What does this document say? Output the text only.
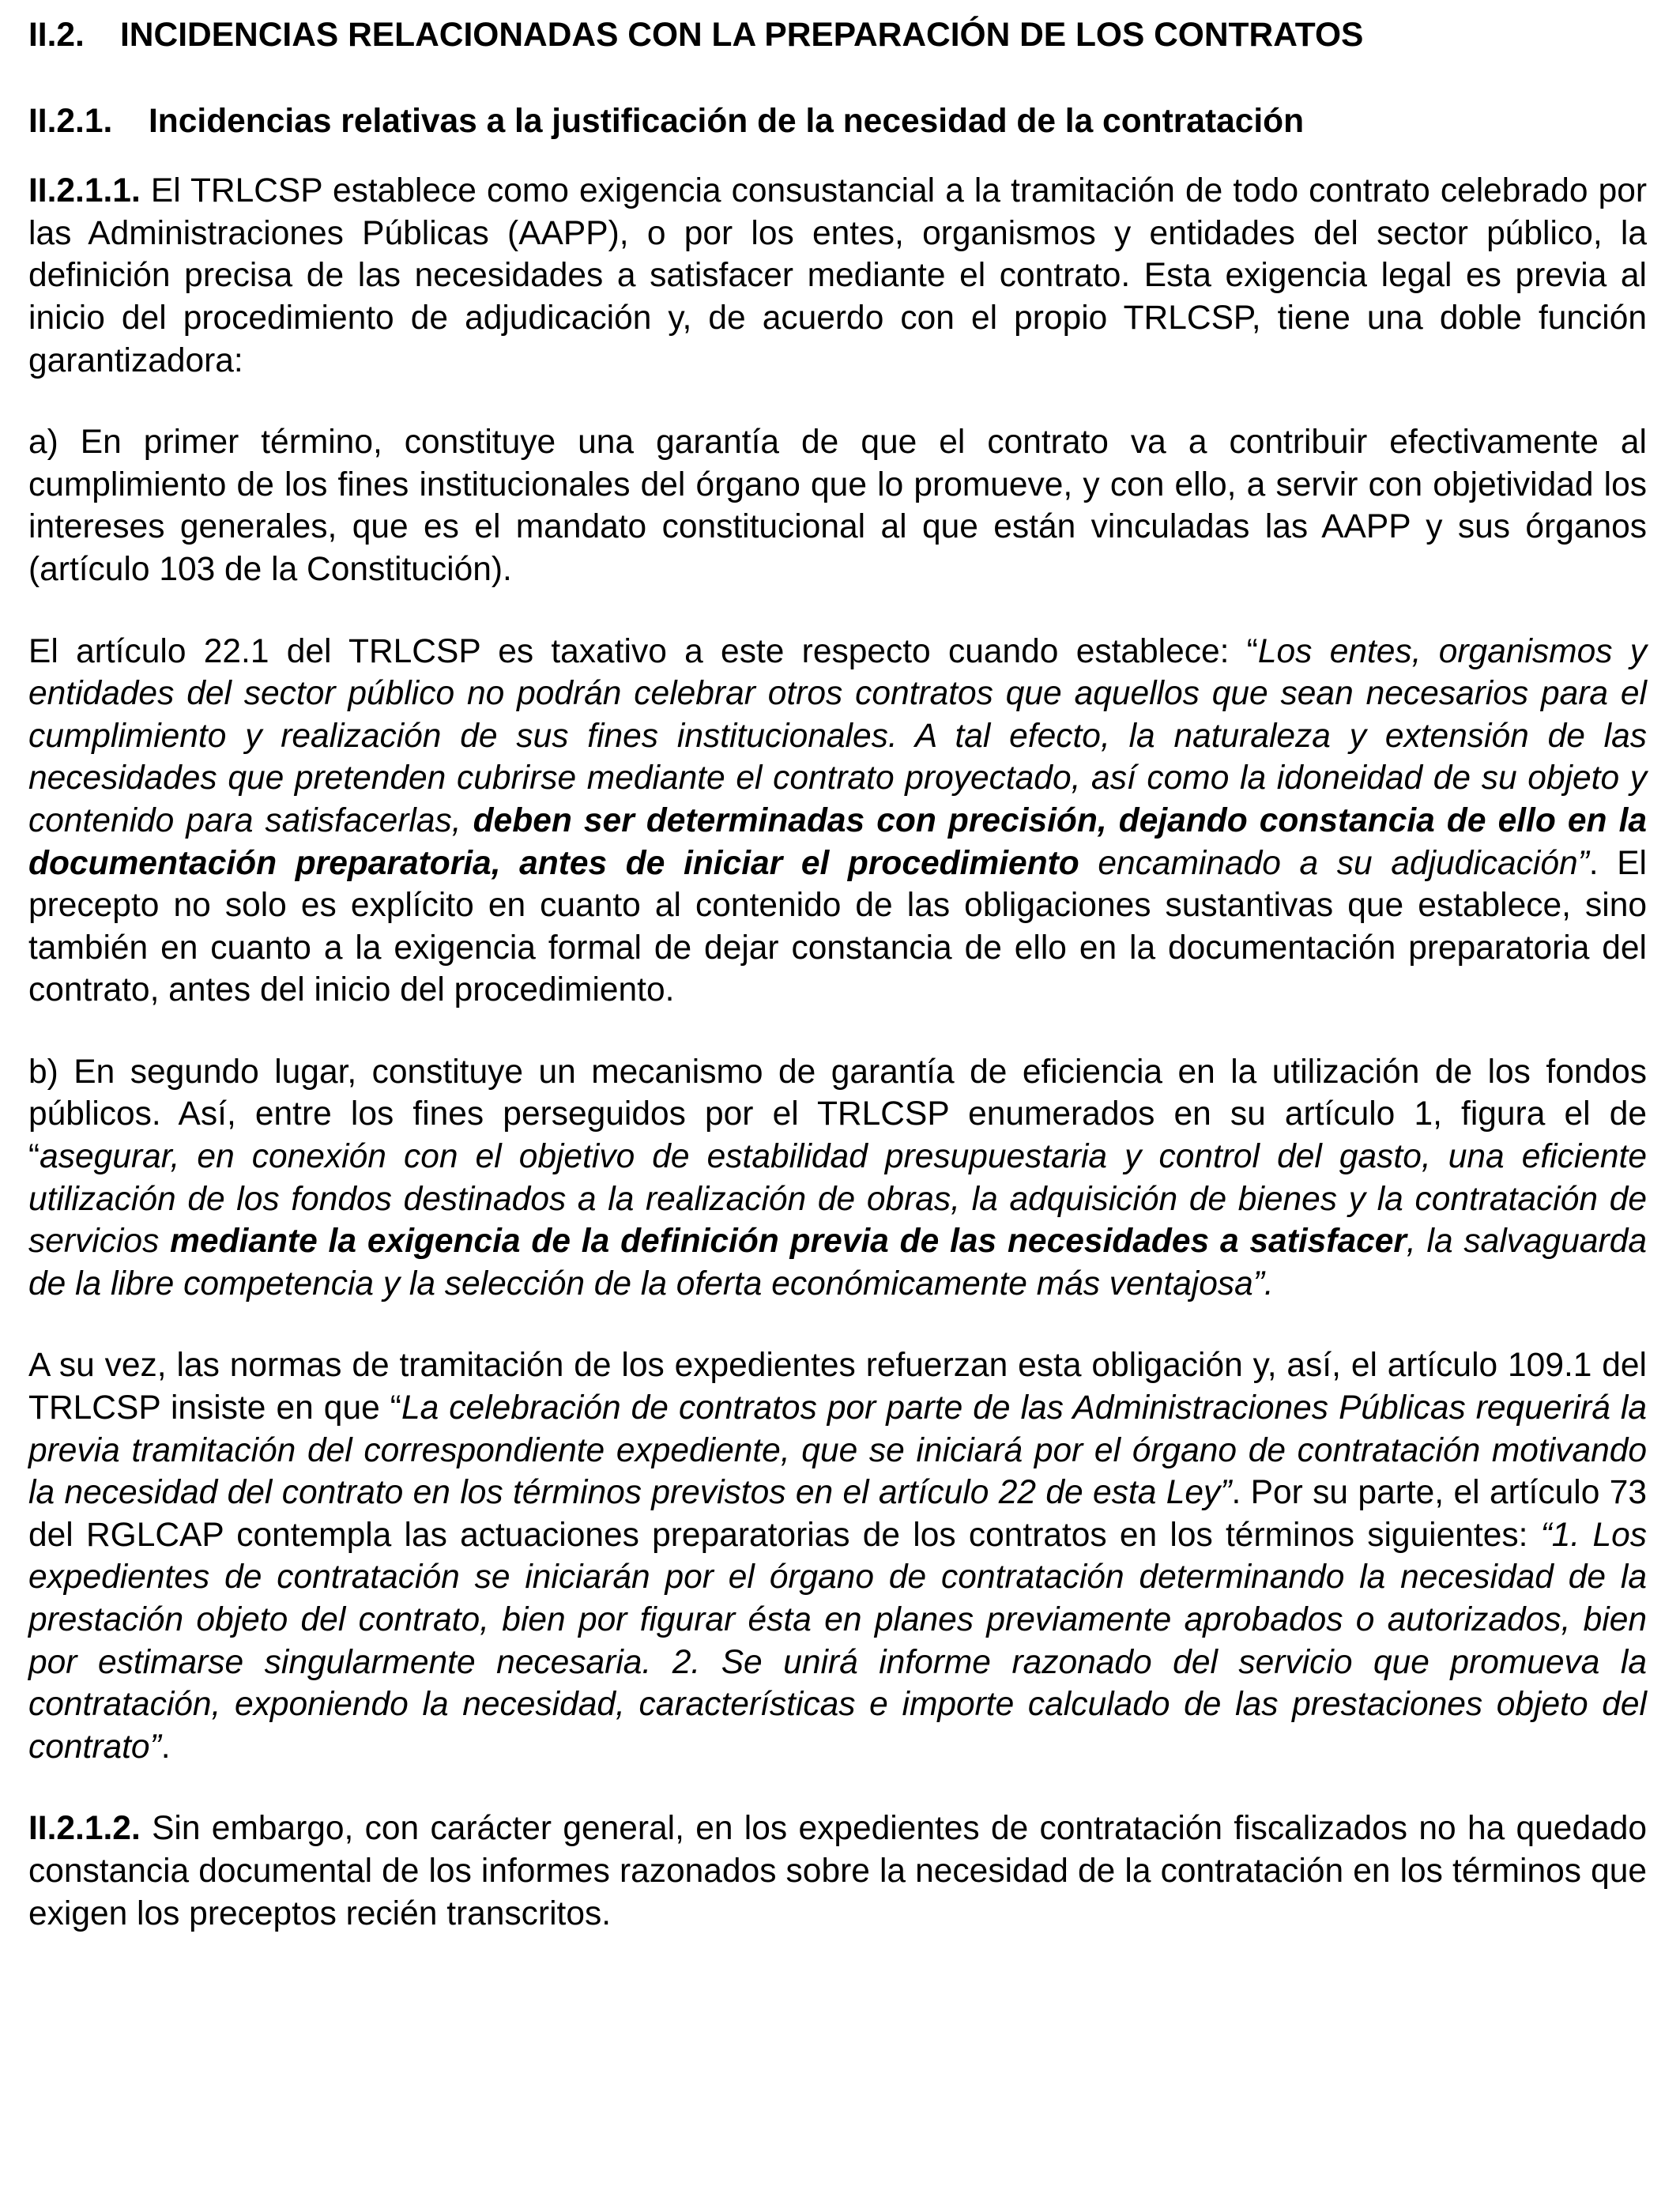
II.2. INCIDENCIAS RELACIONADAS CON LA PREPARACIÓN DE LOS CONTRATOS

II.2.1. Incidencias relativas a la justificación de la necesidad de la contratación

II.2.1.1. El TRLCSP establece como exigencia consustancial a la tramitación de todo contrato celebrado por las Administraciones Públicas (AAPP), o por los entes, organismos y entidades del sector público, la definición precisa de las necesidades a satisfacer mediante el contrato. Esta exigencia legal es previa al inicio del procedimiento de adjudicación y, de acuerdo con el propio TRLCSP, tiene una doble función garantizadora:

a) En primer término, constituye una garantía de que el contrato va a contribuir efectivamente al cumplimiento de los fines institucionales del órgano que lo promueve, y con ello, a servir con objetividad los intereses generales, que es el mandato constitucional al que están vinculadas las AAPP y sus órganos (artículo 103 de la Constitución).

El artículo 22.1 del TRLCSP es taxativo a este respecto cuando establece: “Los entes, organismos y entidades del sector público no podrán celebrar otros contratos que aquellos que sean necesarios para el cumplimiento y realización de sus fines institucionales. A tal efecto, la naturaleza y extensión de las necesidades que pretenden cubrirse mediante el contrato proyectado, así como la idoneidad de su objeto y contenido para satisfacerlas, deben ser determinadas con precisión, dejando constancia de ello en la documentación preparatoria, antes de iniciar el procedimiento encaminado a su adjudicación”. El precepto no solo es explícito en cuanto al contenido de las obligaciones sustantivas que establece, sino también en cuanto a la exigencia formal de dejar constancia de ello en la documentación preparatoria del contrato, antes del inicio del procedimiento.

b) En segundo lugar, constituye un mecanismo de garantía de eficiencia en la utilización de los fondos públicos. Así, entre los fines perseguidos por el TRLCSP enumerados en su artículo 1, figura el de “asegurar, en conexión con el objetivo de estabilidad presupuestaria y control del gasto, una eficiente utilización de los fondos destinados a la realización de obras, la adquisición de bienes y la contratación de servicios mediante la exigencia de la definición previa de las necesidades a satisfacer, la salvaguarda de la libre competencia y la selección de la oferta económicamente más ventajosa”.

A su vez, las normas de tramitación de los expedientes refuerzan esta obligación y, así, el artículo 109.1 del TRLCSP insiste en que “La celebración de contratos por parte de las Administraciones Públicas requerirá la previa tramitación del correspondiente expediente, que se iniciará por el órgano de contratación motivando la necesidad del contrato en los términos previstos en el artículo 22 de esta Ley”. Por su parte, el artículo 73 del RGLCAP contempla las actuaciones preparatorias de los contratos en los términos siguientes: “1. Los expedientes de contratación se iniciarán por el órgano de contratación determinando la necesidad de la prestación objeto del contrato, bien por figurar ésta en planes previamente aprobados o autorizados, bien por estimarse singularmente necesaria. 2. Se unirá informe razonado del servicio que promueva la contratación, exponiendo la necesidad, características e importe calculado de las prestaciones objeto del contrato”.

II.2.1.2. Sin embargo, con carácter general, en los expedientes de contratación fiscalizados no ha quedado constancia documental de los informes razonados sobre la necesidad de la contratación en los términos que exigen los preceptos recién transcritos.
